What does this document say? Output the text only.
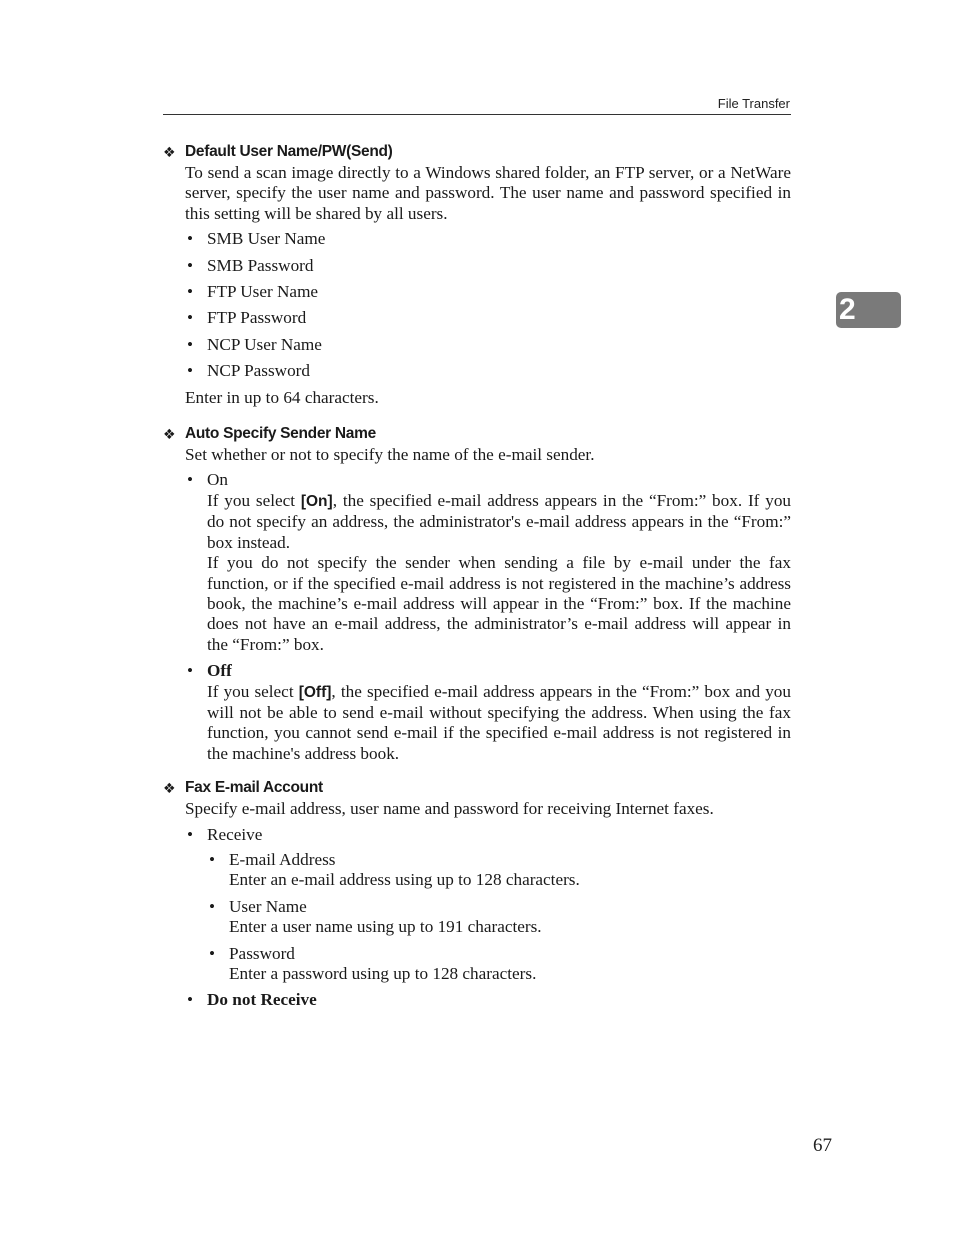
File Transfer
2
❖ Default User Name/PW(Send)

To send a scan image directly to a Windows shared folder, an FTP server, or a NetWare server, specify the user name and password. The user name and password specified in this setting will be shared by all users.

• SMB User Name
• SMB Password
• FTP User Name
• FTP Password
• NCP User Name
• NCP Password

Enter in up to 64 characters.

❖ Auto Specify Sender Name

Set whether or not to specify the name of the e-mail sender.

• On
If you select [On], the specified e-mail address appears in the “From:” box. If you do not specify an address, the administrator's e-mail address appears in the “From:” box instead.
If you do not specify the sender when sending a file by e-mail under the fax function, or if the specified e-mail address is not registered in the machine’s address book, the machine’s e-mail address will appear in the “From:” box. If the machine does not have an e-mail address, the administrator’s e-mail address will appear in the “From:” box.
• Off
If you select [Off], the specified e-mail address appears in the “From:” box and you will not be able to send e-mail without specifying the address. When using the fax function, you cannot send e-mail if the specified e-mail address is not registered in the machine's address book.
❖ Fax E-mail Account

Specify e-mail address, user name and password for receiving Internet faxes.

• Receive
• E-mail Address
Enter an e-mail address using up to 128 characters.
• User Name
Enter a user name using up to 191 characters.
• Password
Enter a password using up to 128 characters.
• Do not Receive
67
